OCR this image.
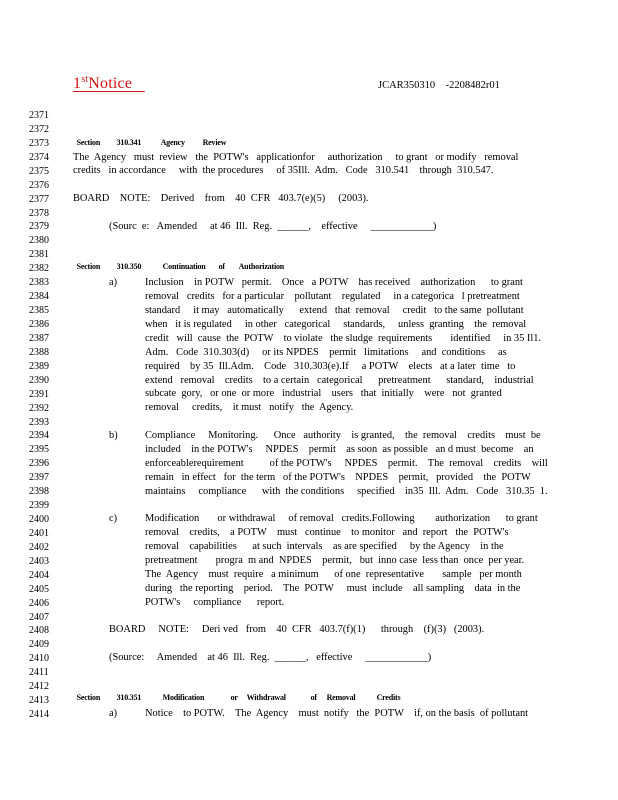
1stNotice	JCAR350310    -2208482r01
2371
2372
2373
2374
2375
2376
2377
2378
2379
2380
2381
2382
2383
2384
2385
2386
2387
2388
2389
2390
2391
2392
2393
2394
2395
2396
2397
2398
2399
2400
2401
2402
2403
2404
2405
2406
2407
2408
2409
2410
2411
2412
2413
2414

Section 310.341 Agency Review

The  Agency   must  review   the  POTW's   applicationfor     authorization     to grant   or modify   removal
credits   in accordance     with  the procedures     of 35Ill.  Adm.   Code   310.541    through  310.547.
BOARD    NOTE:    Derived    from    40  CFR   403.7(e)(5)     (2003).
(Sourc  e:   Amended     at 46  Ill.  Reg.  ______,    effective     ____________)

Section 310.350	Continuation of Authorization

a)	Inclusion    in POTW   permit.    Once   a POTW    has received    authorization      to grant
removal   credits   for a particular    pollutant    regulated     in a categorica   l pretreatment
standard     it may   automatically      extend   that  removal     credit   to the same  pollutant
when   it is regulated     in other   categorical     standards,     unless  granting    the  removal
credit   will  cause  the  POTW    to violate   the sludge  requirements       identified     in 35 Il1.
Adm.   Code  310.303(d)     or its NPDES    permit   limitations     and  conditions     as
required    by 35  Ill.Adm.    Code   310.303(e).If     a POTW    elects   at a later  time   to
extend   removal    credits    to a certain   categorical      pretreatment      standard,    industrial
subcate  gory,   or one  or more   industrial    users   that  initially    were   not  granted
removal     credits,    it must   notify   the  Agency.
b)	Compliance     Monitoring.      Once   authority    is granted,    the  removal    credits    must  be
included    in the POTW's     NPDES    permit    as soon  as possible   an d must  become    an
enforceablerequirement          of the POTW's     NPDES    permit.    The  removal    credits    will
remain   in effect   for  the term   of the POTW's    NPDES    permit,   provided    the  POTW
maintains     compliance      with  the conditions     specified    in35  Ill.  Adm.   Code   310.35  1.
c)	Modification       or withdrawal     of removal   credits.Following        authorization      to grant
removal    credits,    a POTW    must   continue    to monitor   and  report   the  POTW's
removal    capabilities      at such  intervals    as are specified     by the Agency    in the
pretreatment       progra  m and  NPDES    permit,   but  inno case  less than  once  per year.
The  Agency    must  require   a minimum      of one  representative       sample   per month
during   the reporting    period.    The  POTW     must  include    all sampling    data  in the
POTW's     compliance      report.
BOARD     NOTE:     Deri ved   from    40  CFR   403.7(f)(1)      through    (f)(3)   (2003).
(Source:     Amended    at 46  Ill.  Reg.  ______,   effective     ____________)

Section 310.351	Modification	or Withdrawal	of Removal	Credits

a)	Notice    to POTW.    The  Agency    must  notify   the  POTW    if, on the basis  of pollutant
